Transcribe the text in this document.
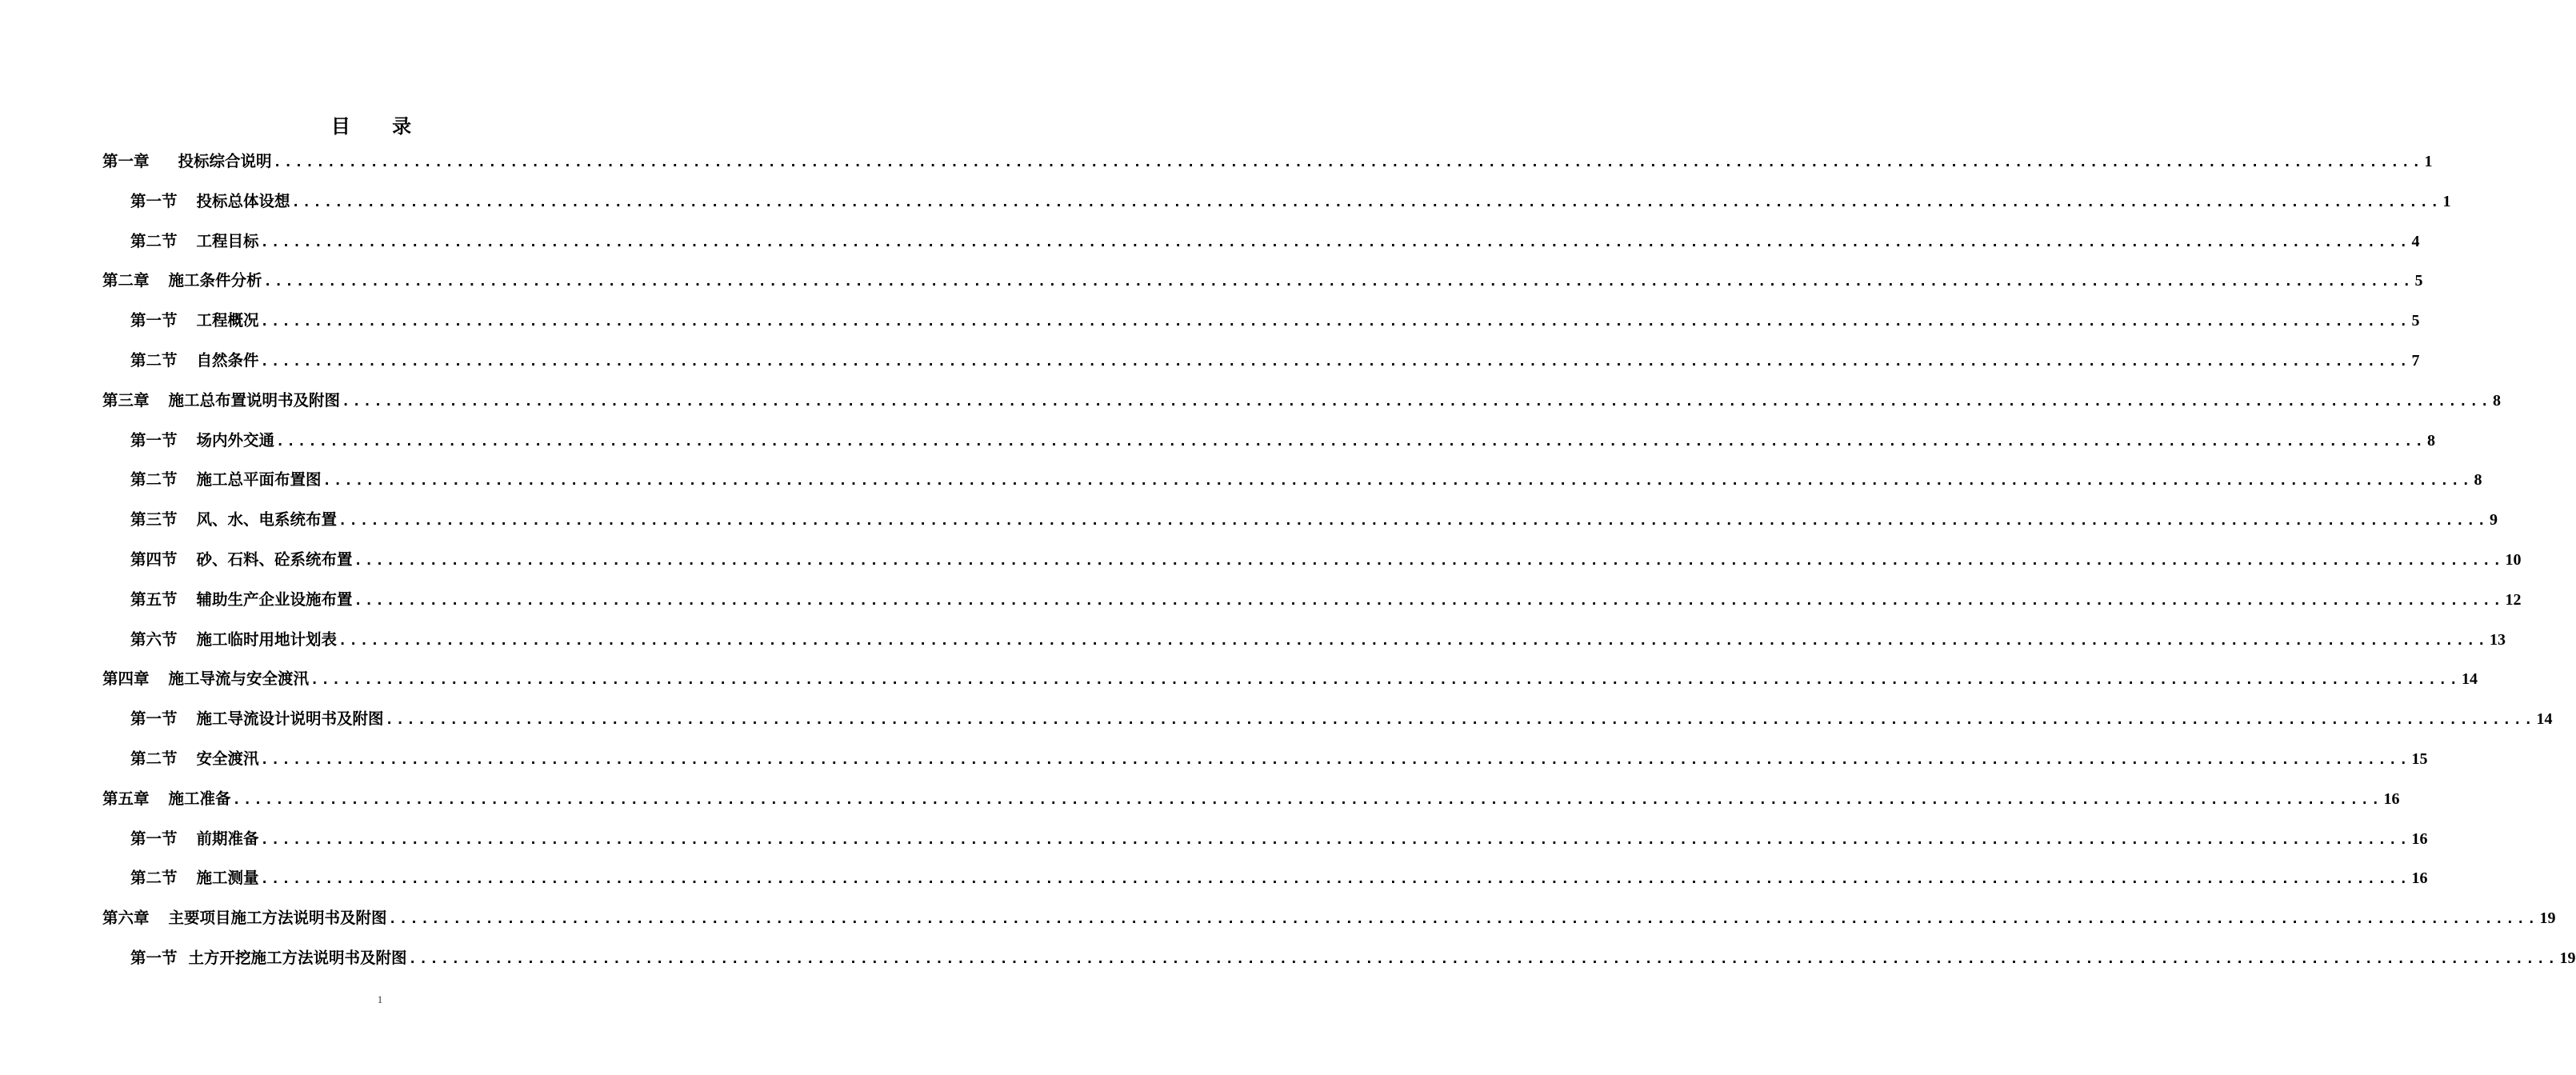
目 录
第一章 投标综合说明 ........................................................................................................................................................................................................ 1
第一节 投标总体设想 ........................................................................................................................................................................................................ 1
第二节 工程目标 ........................................................................................................................................................................................................ 4
第二章 施工条件分析 ........................................................................................................................................................................................................ 5
第一节 工程概况 ........................................................................................................................................................................................................ 5
第二节 自然条件 ........................................................................................................................................................................................................ 7
第三章 施工总布置说明书及附图 ........................................................................................................................................................................................................ 8
第一节 场内外交通 ........................................................................................................................................................................................................ 8
第二节 施工总平面布置图 ........................................................................................................................................................................................................ 8
第三节 风、水、电系统布置 ........................................................................................................................................................................................................ 9
第四节 砂、石料、砼系统布置 ........................................................................................................................................................................................................ 10
第五节 辅助生产企业设施布置 ........................................................................................................................................................................................................ 12
第六节 施工临时用地计划表 ........................................................................................................................................................................................................ 13
第四章 施工导流与安全渡汛 ........................................................................................................................................................................................................ 14
第一节 施工导流设计说明书及附图 ........................................................................................................................................................................................................ 14
第二节 安全渡汛 ........................................................................................................................................................................................................ 15
第五章 施工准备 ........................................................................................................................................................................................................ 16
第一节 前期准备 ........................................................................................................................................................................................................ 16
第二节 施工测量 ........................................................................................................................................................................................................ 16
第六章 主要项目施工方法说明书及附图 ........................................................................................................................................................................................................ 19
第一节 土方开挖施工方法说明书及附图 ........................................................................................................................................................................................................ 19
1
